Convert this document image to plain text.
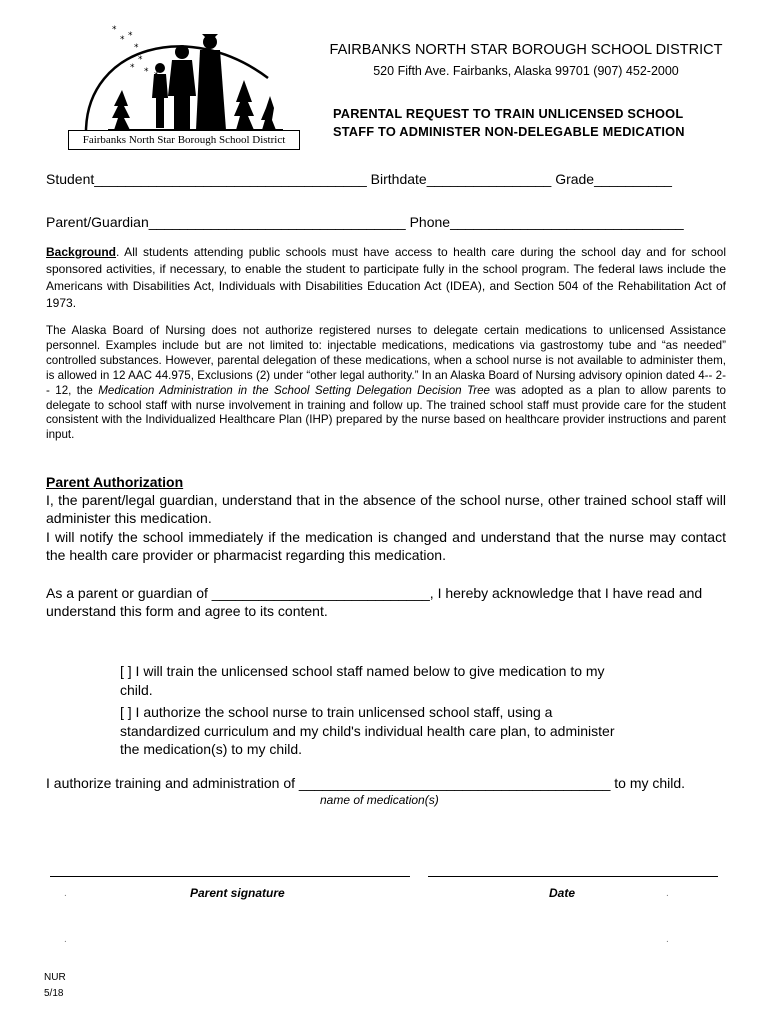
*
* *
*
*
* *
Fairbanks North Star Borough School District
FAIRBANKS NORTH STAR BOROUGH SCHOOL DISTRICT
520 Fifth Ave. Fairbanks, Alaska 99701 (907) 452-2000
PARENTAL REQUEST TO TRAIN UNLICENSED SCHOOL
STAFF TO ADMINISTER NON-DELEGABLE MEDICATION
Student___________________________________ Birthdate________________ Grade__________
Parent/Guardian_________________________________ Phone______________________________
Background. All students attending public schools must have access to health care during the school day and for school sponsored activities, if necessary, to enable the student to participate fully in the school program. The federal laws include the Americans with Disabilities Act, Individuals with Disabilities Education Act (IDEA), and Section 504 of the Rehabilitation Act of 1973.
The Alaska Board of Nursing does not authorize registered nurses to delegate certain medications to unlicensed Assistance personnel. Examples include but are not limited to: injectable medications, medications via gastrostomy tube and “as needed” controlled substances. However, parental delegation of these medications, when a school nurse is not available to administer them, is allowed in 12 AAC 44.975, Exclusions (2) under “other legal authority.” In an Alaska Board of Nursing advisory opinion dated 4-- 2-- 12, the Medication Administration in the School Setting Delegation Decision Tree was adopted as a plan to allow parents to delegate to school staff with nurse involvement in training and follow up. The trained school staff must provide care for the student consistent with the Individualized Healthcare Plan (IHP) prepared by the nurse based on healthcare provider instructions and parent input.
Parent Authorization
I, the parent/legal guardian, understand that in the absence of the school nurse, other trained school staff will administer this medication.
I will notify the school immediately if the medication is changed and understand that the nurse may contact the health care provider or pharmacist regarding this medication.
As a parent or guardian of ____________________________, I hereby acknowledge that I have read and understand this form and agree to its content.
[ ] I will train the unlicensed school staff named below to give medication to my child.
[ ] I authorize the school nurse to train unlicensed school staff, using a standardized curriculum and my child's individual health care plan, to administer the medication(s) to my child.
I authorize training and administration of ________________________________________ to my child.
name of medication(s)
.	.
Parent signature	Date
.	.
NUR
5/18
